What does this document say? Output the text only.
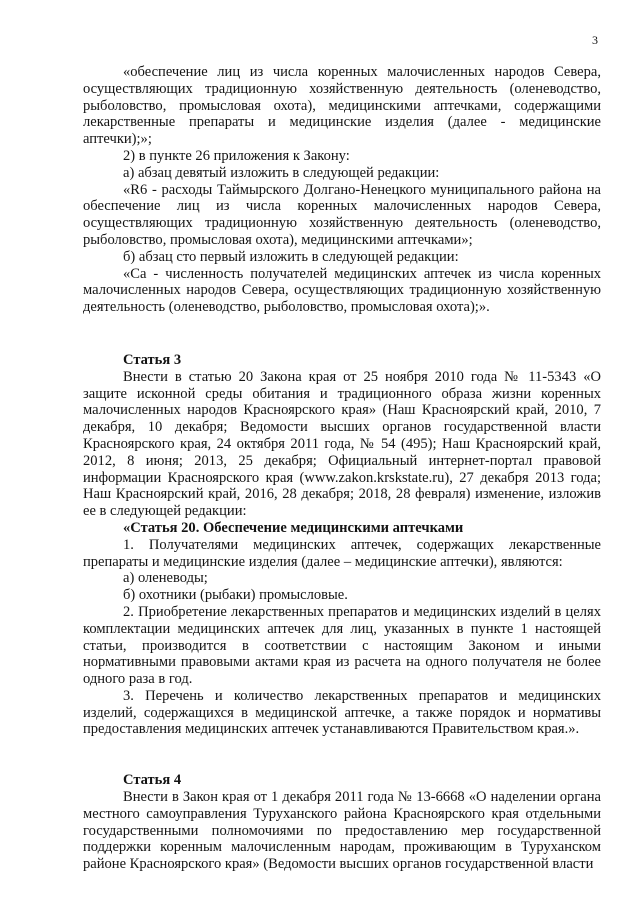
3

«обеспечение лиц из числа коренных малочисленных народов Севера, осуществляющих традиционную хозяйственную деятельность (оленеводство, рыболовство, промысловая охота), медицинскими аптечками, содержащими лекарственные препараты и медицинские изделия (далее - медицинские аптечки);»;

2) в пункте 26 приложения к Закону:

а) абзац девятый изложить в следующей редакции:

«R6 - расходы Таймырского Долгано-Ненецкого муниципального района на обеспечение лиц из числа коренных малочисленных народов Севера, осуществляющих традиционную хозяйственную деятельность (оленеводство, рыболовство, промысловая охота), медицинскими аптечками»;

б) абзац сто первый изложить в следующей редакции:

«Са - численность получателей медицинских аптечек из числа коренных малочисленных народов Севера, осуществляющих традиционную хозяйственную деятельность (оленеводство, рыболовство, промысловая охота);».

Статья 3

Внести в статью 20 Закона края от 25 ноября 2010 года № 11-5343 «О защите исконной среды обитания и традиционного образа жизни коренных малочисленных народов Красноярского края» (Наш Красноярский край, 2010, 7 декабря, 10 декабря; Ведомости высших органов государственной власти Красноярского края, 24 октября 2011 года, № 54 (495); Наш Красноярский край, 2012, 8 июня; 2013, 25 декабря; Официальный интернет-портал правовой информации Красноярского края (www.zakon.krskstate.ru), 27 декабря 2013 года; Наш Красноярский край, 2016, 28 декабря; 2018, 28 февраля) изменение, изложив ее в следующей редакции:

«Статья 20. Обеспечение медицинскими аптечками

1. Получателями медицинских аптечек, содержащих лекарственные препараты и медицинские изделия (далее – медицинские аптечки), являются:

а) оленеводы;

б) охотники (рыбаки) промысловые.

2. Приобретение лекарственных препаратов и медицинских изделий в целях комплектации медицинских аптечек для лиц, указанных в пункте 1 настоящей статьи, производится в соответствии с настоящим Законом и иными нормативными правовыми актами края из расчета на одного получателя не более одного раза в год.

3. Перечень и количество лекарственных препаратов и медицинских изделий, содержащихся в медицинской аптечке, а также порядок и нормативы предоставления медицинских аптечек устанавливаются Правительством края.».

Статья 4

Внести в Закон края от 1 декабря 2011 года № 13-6668 «О наделении органа местного самоуправления Туруханского района Красноярского края отдельными государственными полномочиями по предоставлению мер государственной поддержки коренным малочисленным народам, проживающим в Туруханском районе Красноярского края» (Ведомости высших органов государственной власти
